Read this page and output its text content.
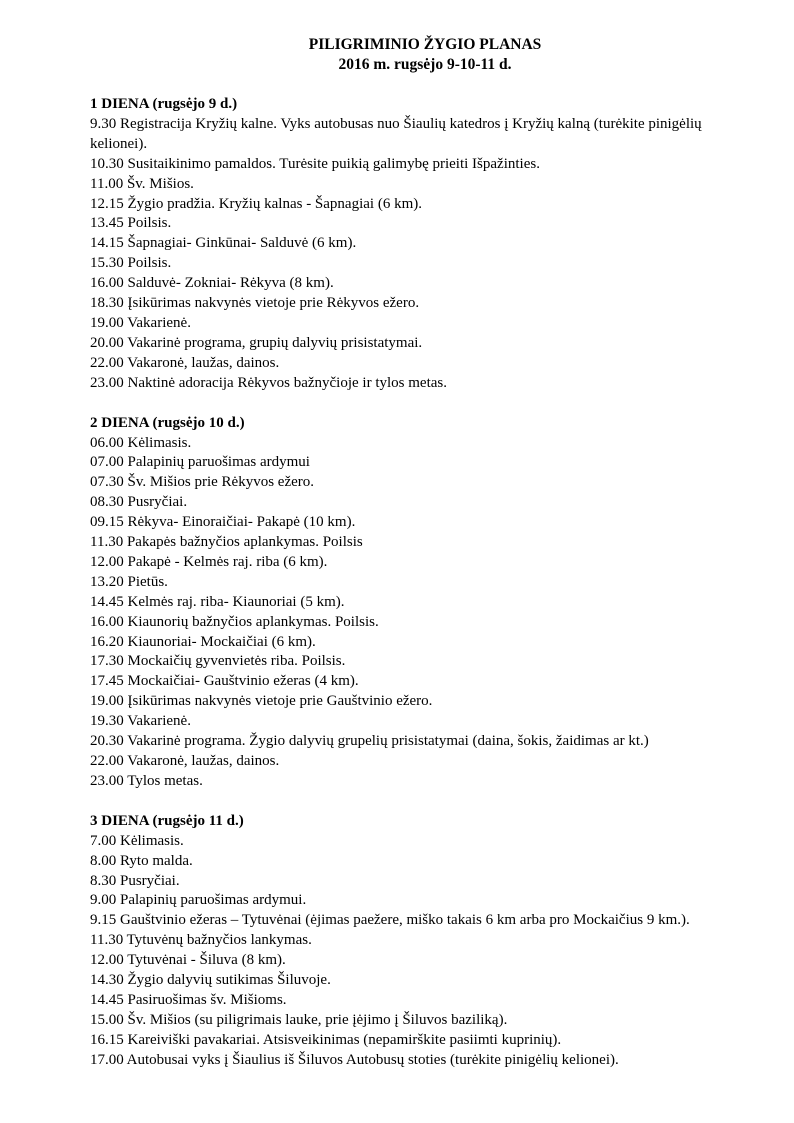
PILIGRIMINIO ŽYGIO PLANAS
2016 m. rugsėjo 9-10-11 d.
1 DIENA (rugsėjo 9 d.)
9.30 Registracija Kryžių kalne. Vyks autobusas nuo Šiaulių katedros į Kryžių kalną (turėkite pinigėlių kelionei).
10.30 Susitaikinimo pamaldos. Turėsite puikią galimybę prieiti Išpažinties.
11.00 Šv. Mišios.
12.15 Žygio pradžia. Kryžių kalnas - Šapnagiai (6 km).
13.45 Poilsis.
14.15 Šapnagiai- Ginkūnai- Salduvė (6 km).
15.30 Poilsis.
16.00 Salduvė- Zokniai- Rėkyva (8 km).
18.30 Įsikūrimas nakvynės vietoje prie Rėkyvos ežero.
19.00 Vakarienė.
20.00 Vakarinė programa, grupių dalyvių prisistatymai.
22.00 Vakaronė, laužas, dainos.
23.00 Naktinė adoracija Rėkyvos bažnyčioje ir tylos metas.
2 DIENA (rugsėjo 10 d.)
06.00 Kėlimasis.
07.00 Palapinių paruošimas ardymui
07.30 Šv. Mišios prie Rėkyvos ežero.
08.30 Pusryčiai.
09.15 Rėkyva- Einoraičiai- Pakapė (10 km).
11.30 Pakapės bažnyčios aplankymas. Poilsis
12.00 Pakapė - Kelmės raj. riba (6 km).
13.20 Pietūs.
14.45 Kelmės raj. riba- Kiaunoriai (5 km).
16.00 Kiaunorių bažnyčios aplankymas. Poilsis.
16.20 Kiaunoriai- Mockaičiai (6 km).
17.30 Mockaičių gyvenvietės riba. Poilsis.
17.45 Mockaičiai- Gauštvinio ežeras (4 km).
19.00 Įsikūrimas nakvynės vietoje prie Gauštvinio ežero.
19.30 Vakarienė.
20.30 Vakarinė programa. Žygio dalyvių grupelių prisistatymai (daina, šokis, žaidimas ar kt.)
22.00 Vakaronė, laužas, dainos.
23.00 Tylos metas.
3 DIENA (rugsėjo 11 d.)
7.00 Kėlimasis.
8.00 Ryto malda.
8.30 Pusryčiai.
9.00 Palapinių paruošimas ardymui.
9.15 Gauštvinio ežeras – Tytuvėnai (ėjimas paežere, miško takais 6 km arba pro Mockaičius 9 km.).
11.30 Tytuvėnų bažnyčios lankymas.
12.00 Tytuvėnai - Šiluva (8 km).
14.30 Žygio dalyvių sutikimas Šiluvoje.
14.45 Pasiruošimas šv. Mišioms.
15.00 Šv. Mišios (su piligrimais lauke, prie įėjimo į Šiluvos baziliką).
16.15 Kareiviški pavakariai. Atsisveikinimas (nepamirškite pasiimti kuprinių).
17.00 Autobusai vyks į Šiaulius iš Šiluvos Autobusų stoties (turėkite pinigėlių kelionei).
